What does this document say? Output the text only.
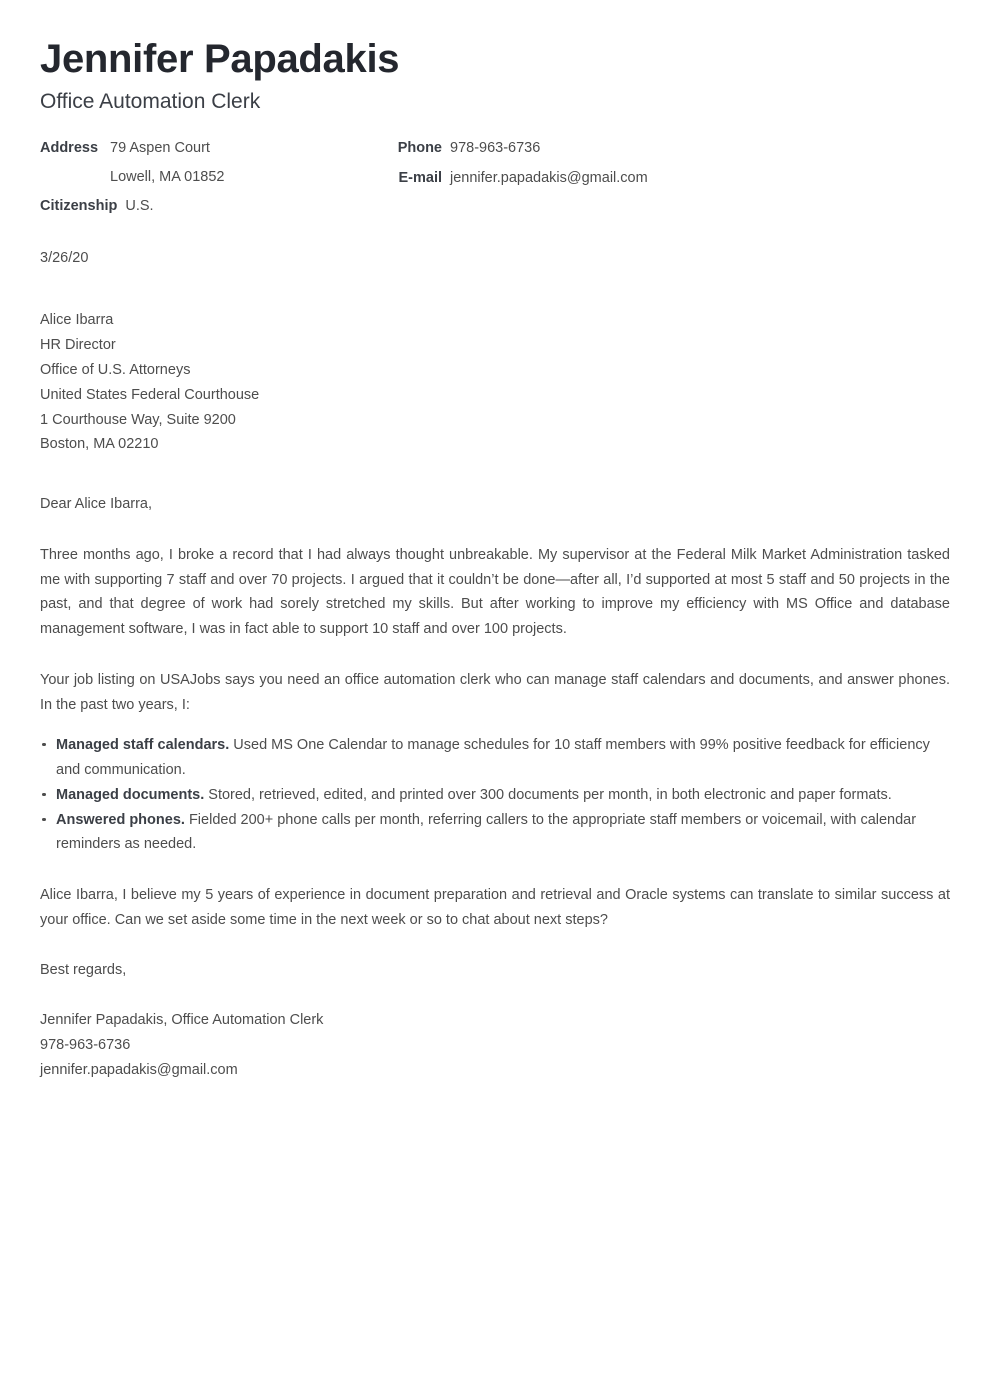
Jennifer Papadakis
Office Automation Clerk
Address 79 Aspen Court
Lowell, MA 01852
Citizenship U.S.
Phone 978-963-6736
E-mail jennifer.papadakis@gmail.com
3/26/20
Alice Ibarra
HR Director
Office of U.S. Attorneys
United States Federal Courthouse
1 Courthouse Way, Suite 9200
Boston, MA 02210
Dear Alice Ibarra,

Three months ago, I broke a record that I had always thought unbreakable. My supervisor at the Federal Milk Market Administration tasked me with supporting 7 staff and over 70 projects. I argued that it couldn’t be done—after all, I’d supported at most 5 staff and 50 projects in the past, and that degree of work had sorely stretched my skills. But after working to improve my efficiency with MS Office and database management software, I was in fact able to support 10 staff and over 100 projects.

Your job listing on USAJobs says you need an office automation clerk who can manage staff calendars and documents, and answer phones. In the past two years, I:

Managed staff calendars. Used MS One Calendar to manage schedules for 10 staff members with 99% positive feedback for efficiency and communication.
Managed documents. Stored, retrieved, edited, and printed over 300 documents per month, in both electronic and paper formats.
Answered phones. Fielded 200+ phone calls per month, referring callers to the appropriate staff members or voicemail, with calendar reminders as needed.

Alice Ibarra, I believe my 5 years of experience in document preparation and retrieval and Oracle systems can translate to similar success at your office. Can we set aside some time in the next week or so to chat about next steps?

Best regards,
Jennifer Papadakis, Office Automation Clerk
978-963-6736
jennifer.papadakis@gmail.com
